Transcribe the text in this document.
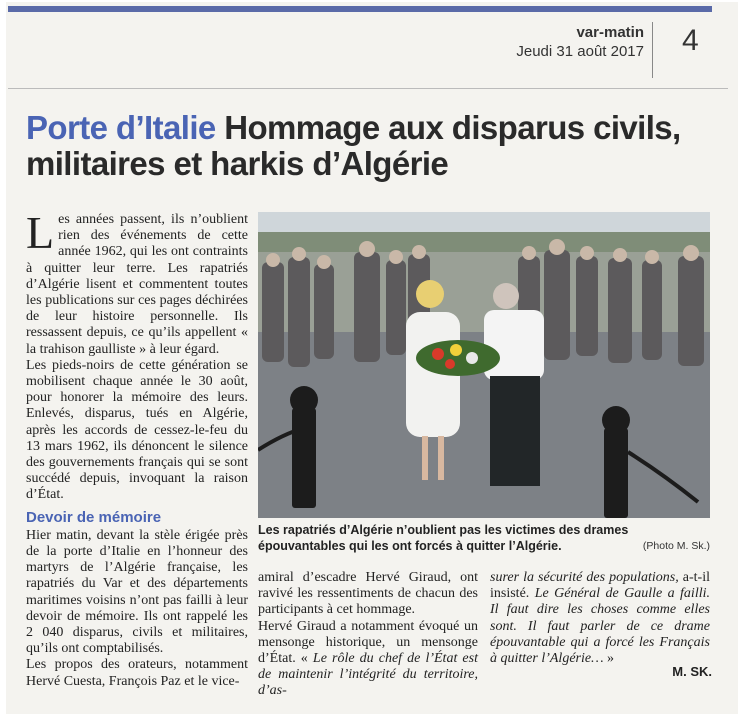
var-matin
Jeudi 31 août 2017 4
Porte d’Italie Hommage aux disparus civils, militaires et harkis d’Algérie

Les années passent, ils n’oublient rien des événements de cette année 1962, qui les ont contraints à quitter leur terre. Les rapatriés d’Algérie lisent et commentent toutes les publications sur ces pages déchirées de leur histoire personnelle. Ils ressassent depuis, ce qu’ils appellent « la trahison gaulliste » à leur égard.

Les pieds-noirs de cette génération se mobilisent chaque année le 30 août, pour honorer la mémoire des leurs. Enlevés, disparus, tués en Algérie, après les accords de cessez-le-feu du 13 mars 1962, ils dénoncent le silence des gouvernements français qui se sont succédé depuis, invoquant la raison d’État.

Devoir de mémoire

Hier matin, devant la stèle érigée près de la porte d’Italie en l’honneur des martyrs de l’Algérie française, les rapatriés du Var et des départements maritimes voisins n’ont pas failli à leur devoir de mémoire. Ils ont rappelé les 2 040 disparus, civils et militaires, qu’ils ont comptabilisés.

Les propos des orateurs, notamment Hervé Cuesta, François Paz et le vice-

Les rapatriés d’Algérie n’oublient pas les victimes des drames épouvantables qui les ont forcés à quitter l’Algérie.	(Photo M. Sk.)

amiral d’escadre Hervé Giraud, ont ravivé les ressentiments de chacun des participants à cet hommage.

Hervé Giraud a notamment évoqué un mensonge historique, un mensonge d’État. « Le rôle du chef de l’État est de maintenir l’intégrité du territoire, d’as-

surer la sécurité des populations, a-t-il insisté. Le Général de Gaulle a failli. Il faut dire les choses comme elles sont. Il faut parler de ce drame épouvantable qui a forcé les Français à quitter l’Algérie… »

M. SK.
